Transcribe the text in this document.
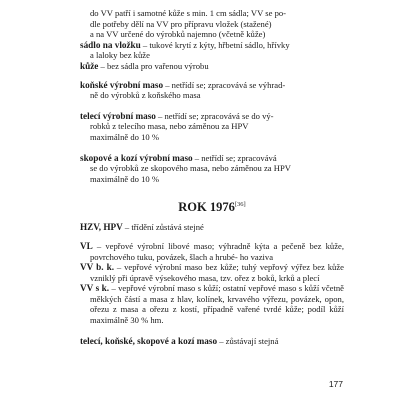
do VV patří i samotné kůže s min. 1 cm sádla; VV se po-
dle potřeby dělí na VV pro přípravu vložek (stažené)
a na VV určené do výrobků najemno (včetně kůže)

sádlo na vložku – tukové krytí z kýty, hřbetní sádlo, hřívky
a laloky bez kůže

kůže – bez sádla pro vařenou výrobu

koňské výrobní maso – netřídí se; zpracovává se výhrad-
ně do výrobků z koňského masa

telecí výrobní maso – netřídí se; zpracovává se do vý-
robků z telecího masa, nebo záměnou za HPV
maximálně do 10 %

skopové a kozí výrobní maso – netřídí se; zpracovává
se do výrobků ze skopového masa, nebo záměnou za HPV
maximálně do 10 %

ROK 1976[36]

HZV, HPV – třídění zůstává stejné

VL – vepřové výrobní libové maso; výhradně kýta a pečeně bez kůže, povrchového tuku, povázek, šlach a hrubé- ho vaziva

VV b. k. – vepřové výrobní maso bez kůže; tuhý vepřový výřez bez kůže vzniklý při úpravě výsekového masa, tzv. ořez z boků, krků a plecí

VV s k. – vepřové výrobní maso s kůží; ostatní vepřové maso s kůží včetně měkkých částí a masa z hlav, kolínek, krvavého výřezu, povázek, opon, ořezu z masa a ořezu z kostí, případně vařené tvrdé kůže; podíl kůží maximálně 30 % hm.

telecí, koňské, skopové a kozí maso – zůstávají stejná

177
